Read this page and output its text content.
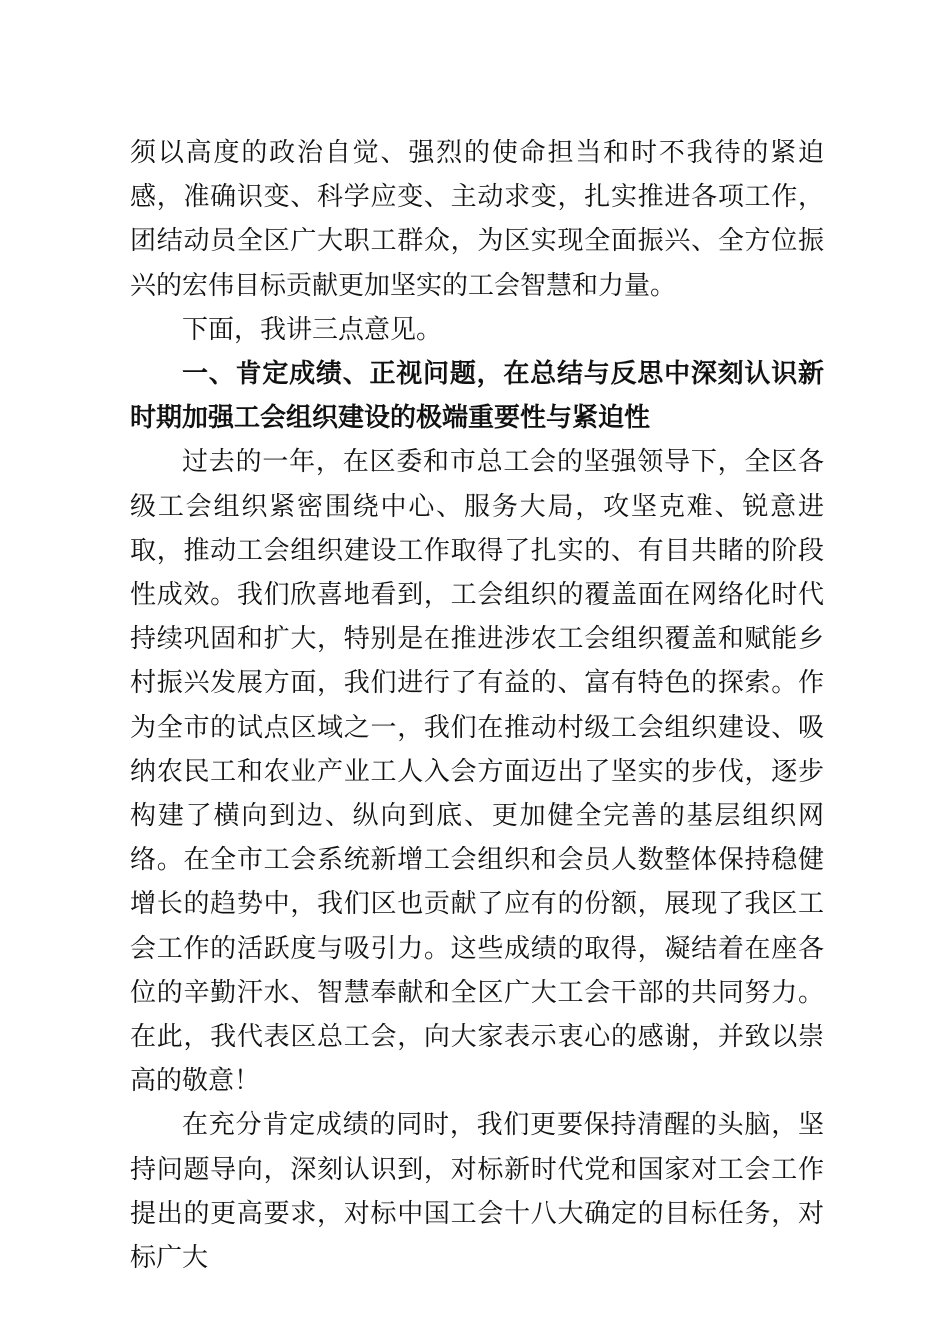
须以高度的政治自觉、强烈的使命担当和时不我待的紧迫感，准确识变、科学应变、主动求变，扎实推进各项工作，团结动员全区广大职工群众，为区实现全面振兴、全方位振兴的宏伟目标贡献更加坚实的工会智慧和力量。

下面，我讲三点意见。

一、肯定成绩、正视问题，在总结与反思中深刻认识新时期加强工会组织建设的极端重要性与紧迫性

过去的一年，在区委和市总工会的坚强领导下，全区各级工会组织紧密围绕中心、服务大局，攻坚克难、锐意进取，推动工会组织建设工作取得了扎实的、有目共睹的阶段性成效。我们欣喜地看到，工会组织的覆盖面在网络化时代持续巩固和扩大，特别是在推进涉农工会组织覆盖和赋能乡村振兴发展方面，我们进行了有益的、富有特色的探索。作为全市的试点区域之一，我们在推动村级工会组织建设、吸纳农民工和农业产业工人入会方面迈出了坚实的步伐，逐步构建了横向到边、纵向到底、更加健全完善的基层组织网络。在全市工会系统新增工会组织和会员人数整体保持稳健增长的趋势中，我们区也贡献了应有的份额，展现了我区工会工作的活跃度与吸引力。这些成绩的取得，凝结着在座各位的辛勤汗水、智慧奉献和全区广大工会干部的共同努力。在此，我代表区总工会，向大家表示衷心的感谢，并致以崇高的敬意！

在充分肯定成绩的同时，我们更要保持清醒的头脑，坚持问题导向，深刻认识到，对标新时代党和国家对工会工作提出的更高要求，对标中国工会十八大确定的目标任务，对标广大
